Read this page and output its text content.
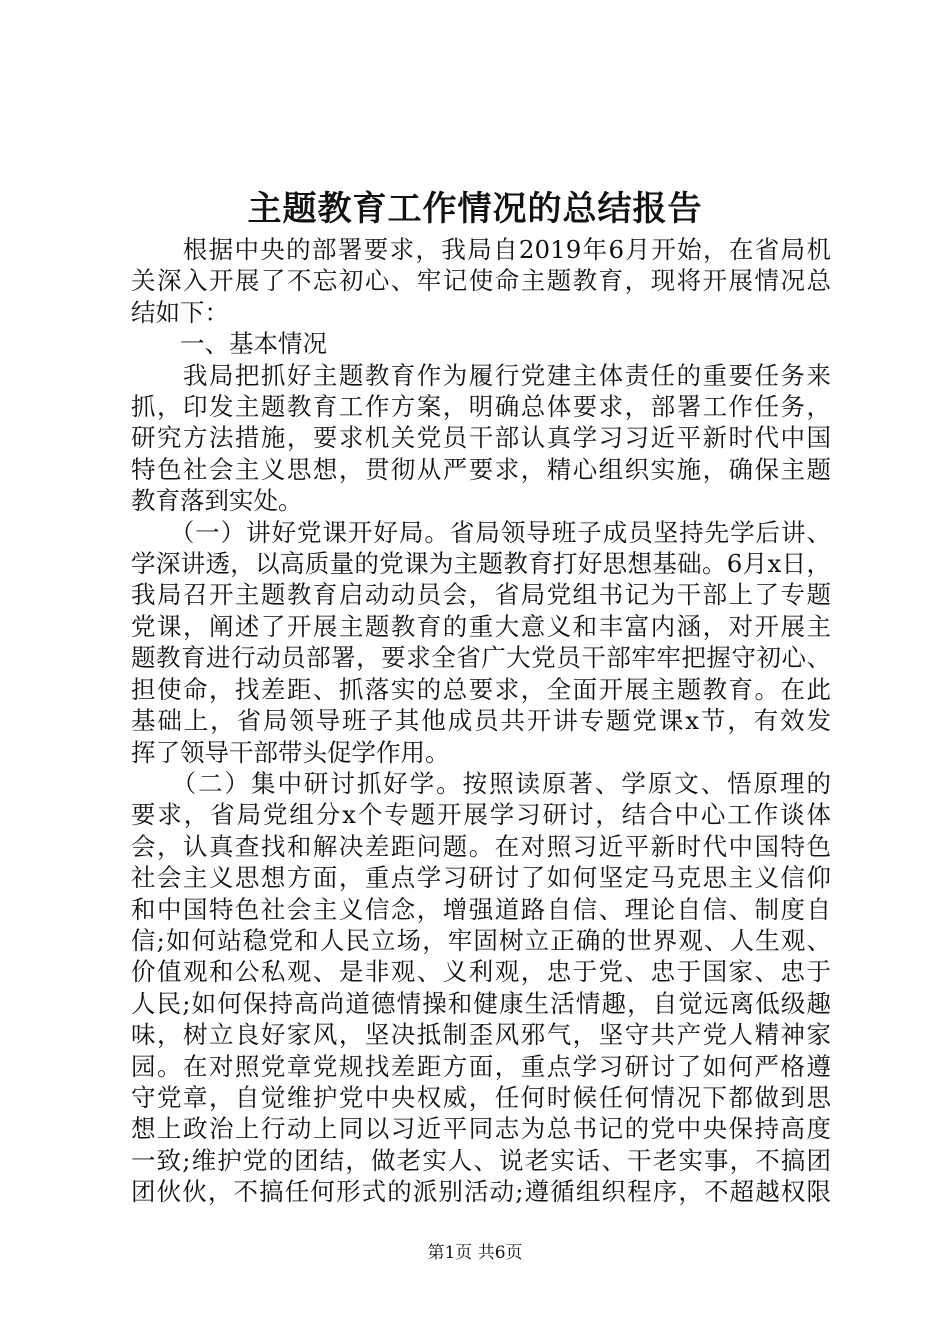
主题教育工作情况的总结报告
　　根据中央的部署要求，我局自2019年6月开始，在省局机
关深入开展了不忘初心、牢记使命主题教育，现将开展情况总
结如下：
　　一、基本情况
　　我局把抓好主题教育作为履行党建主体责任的重要任务来
抓，印发主题教育工作方案，明确总体要求，部署工作任务，
研究方法措施，要求机关党员干部认真学习习近平新时代中国
特色社会主义思想，贯彻从严要求，精心组织实施，确保主题
教育落到实处。
　　（一）讲好党课开好局。省局领导班子成员坚持先学后讲、
学深讲透，以高质量的党课为主题教育打好思想基础。6月x日，
我局召开主题教育启动动员会，省局党组书记为干部上了专题
党课，阐述了开展主题教育的重大意义和丰富内涵，对开展主
题教育进行动员部署，要求全省广大党员干部牢牢把握守初心、
担使命，找差距、抓落实的总要求，全面开展主题教育。在此
基础上，省局领导班子其他成员共开讲专题党课x节，有效发
挥了领导干部带头促学作用。
　　（二）集中研讨抓好学。按照读原著、学原文、悟原理的
要求，省局党组分x个专题开展学习研讨，结合中心工作谈体
会，认真查找和解决差距问题。在对照习近平新时代中国特色
社会主义思想方面，重点学习研讨了如何坚定马克思主义信仰
和中国特色社会主义信念，增强道路自信、理论自信、制度自
信;如何站稳党和人民立场，牢固树立正确的世界观、人生观、
价值观和公私观、是非观、义利观，忠于党、忠于国家、忠于
人民;如何保持高尚道德情操和健康生活情趣，自觉远离低级趣
味，树立良好家风，坚决抵制歪风邪气，坚守共产党人精神家
园。在对照党章党规找差距方面，重点学习研讨了如何严格遵
守党章，自觉维护党中央权威，任何时候任何情况下都做到思
想上政治上行动上同以习近平同志为总书记的党中央保持高度
一致;维护党的团结，做老实人、说老实话、干老实事，不搞团
团伙伙，不搞任何形式的派别活动;遵循组织程序，不超越权限
第1页 共6页
